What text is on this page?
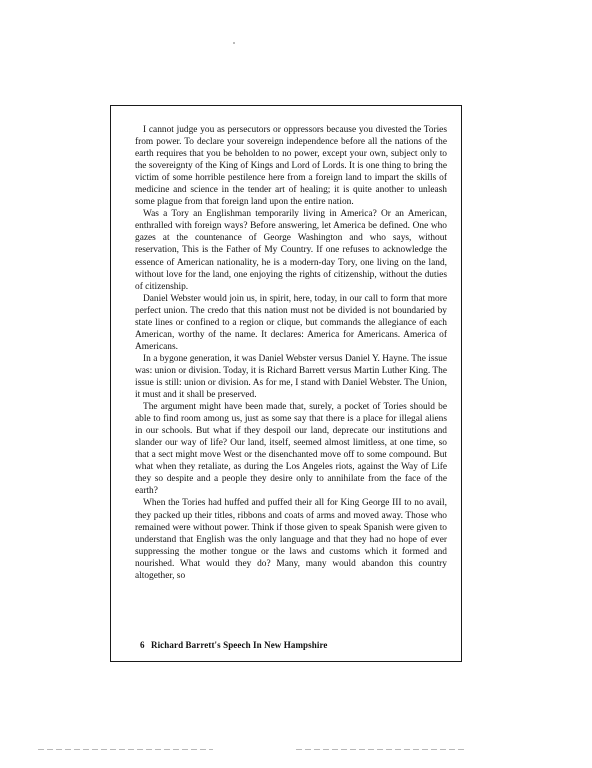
I cannot judge you as persecutors or oppressors because you divested the Tories from power. To declare your sovereign independence before all the nations of the earth requires that you be beholden to no power, except your own, subject only to the sovereignty of the King of Kings and Lord of Lords. It is one thing to bring the victim of some horrible pestilence here from a foreign land to impart the skills of medicine and science in the tender art of healing; it is quite another to unleash some plague from that foreign land upon the entire nation.

Was a Tory an Englishman temporarily living in America? Or an American, enthralled with foreign ways? Before answering, let America be defined. One who gazes at the countenance of George Washington and who says, without reservation, This is the Father of My Country. If one refuses to acknowledge the essence of American nationality, he is a modern-day Tory, one living on the land, without love for the land, one enjoying the rights of citizenship, without the duties of citizenship.

Daniel Webster would join us, in spirit, here, today, in our call to form that more perfect union. The credo that this nation must not be divided is not boundaried by state lines or confined to a region or clique, but commands the allegiance of each American, worthy of the name. It declares: America for Americans. America of Americans.

In a bygone generation, it was Daniel Webster versus Daniel Y. Hayne. The issue was: union or division. Today, it is Richard Barrett versus Martin Luther King. The issue is still: union or division. As for me, I stand with Daniel Webster. The Union, it must and it shall be preserved.

The argument might have been made that, surely, a pocket of Tories should be able to find room among us, just as some say that there is a place for illegal aliens in our schools. But what if they despoil our land, deprecate our institutions and slander our way of life? Our land, itself, seemed almost limitless, at one time, so that a sect might move West or the disenchanted move off to some compound. But what when they retaliate, as during the Los Angeles riots, against the Way of Life they so despite and a people they desire only to annihilate from the face of the earth?

When the Tories had huffed and puffed their all for King George III to no avail, they packed up their titles, ribbons and coats of arms and moved away. Those who remained were without power. Think if those given to speak Spanish were given to understand that English was the only language and that they had no hope of ever suppressing the mother tongue or the laws and customs which it formed and nourished. What would they do? Many, many would abandon this country altogether, so

6 Richard Barrett's Speech In New Hampshire
